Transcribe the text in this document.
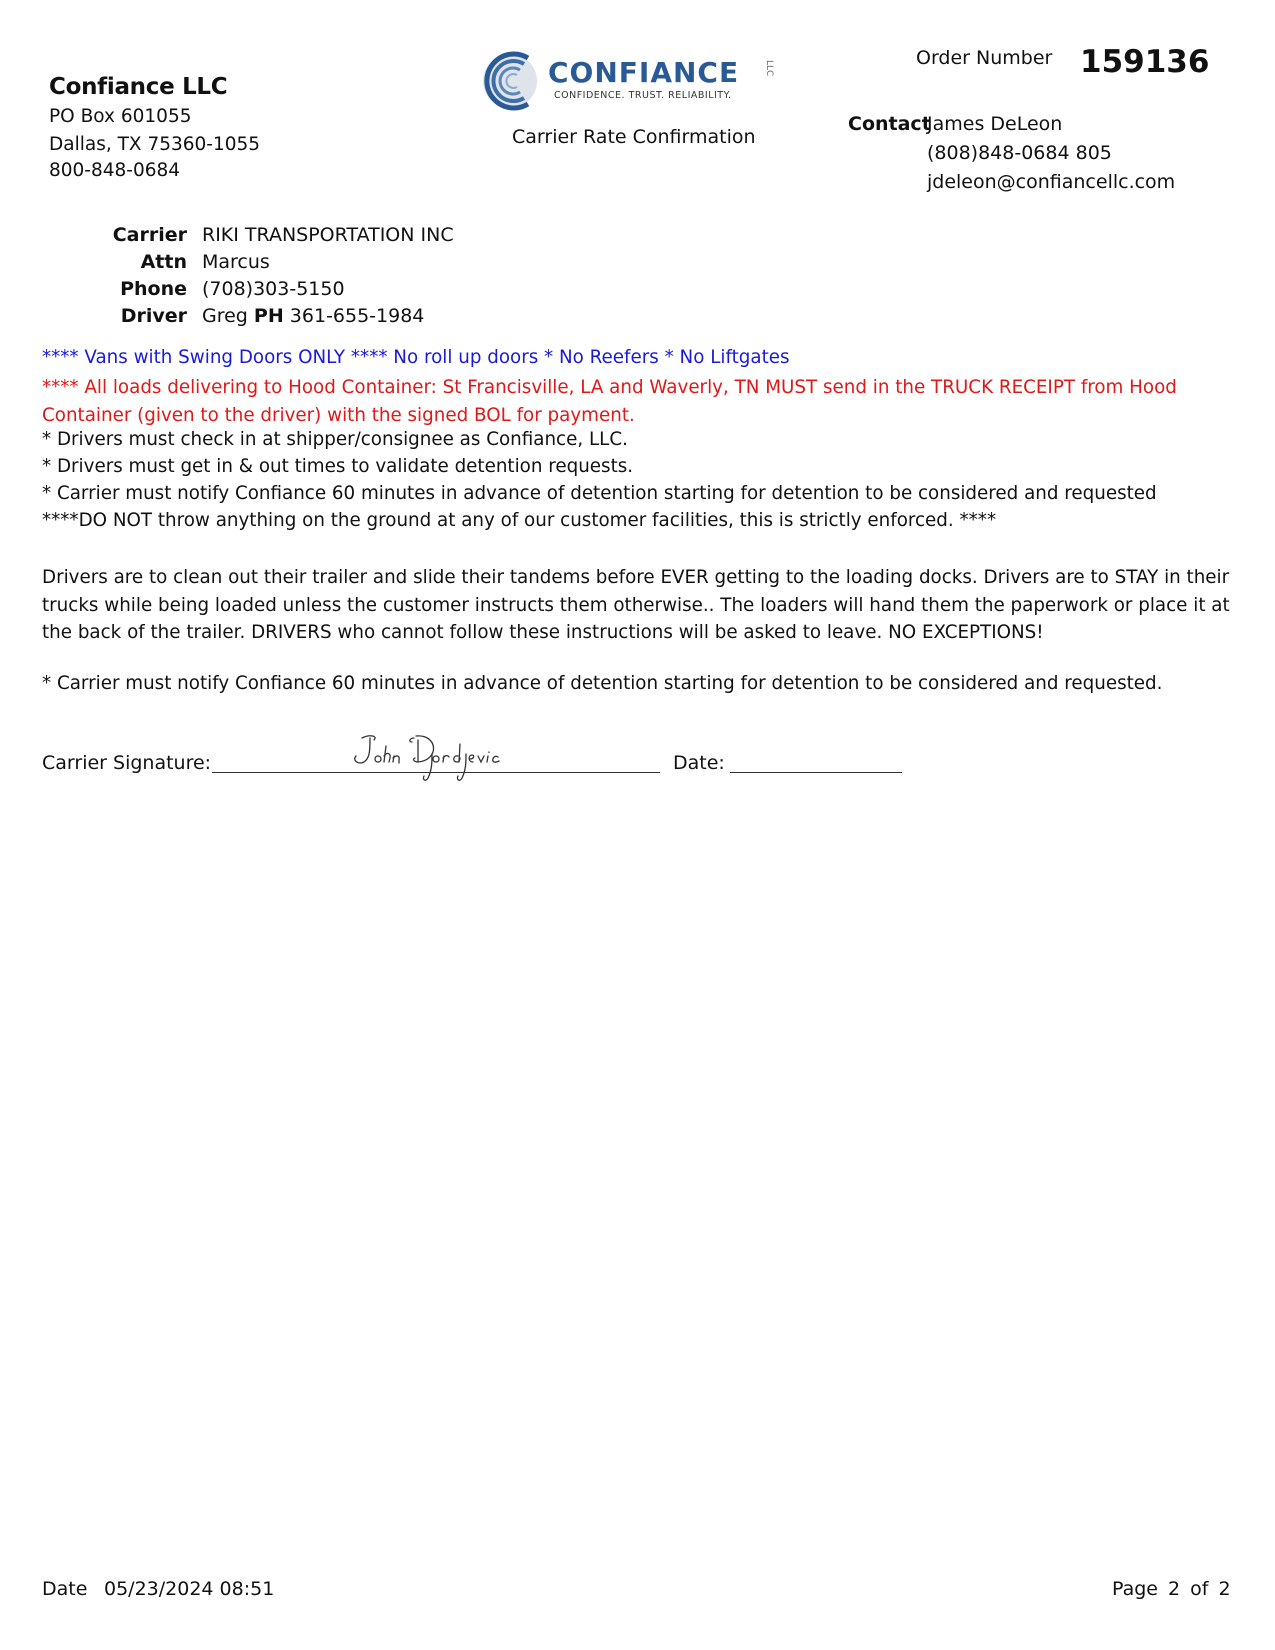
Confiance LLC
PO Box 601055
Dallas, TX 75360-1055
800-848-0684
CONFIANCE
CONFIDENCE. TRUST. RELIABILITY.
LLC
Carrier Rate Confirmation
Order Number 159136
Contact
James DeLeon
(808)848-0684 805
jdeleon@confiancellc.com
Carrier RIKI TRANSPORTATION INC
Attn Marcus
Phone (708)303-5150
Driver Greg PH 361-655-1984
**** Vans with Swing Doors ONLY **** No roll up doors * No Reefers * No Liftgates
**** All loads delivering to Hood Container: St Francisville, LA and Waverly, TN MUST send in the TRUCK RECEIPT from Hood Container (given to the driver) with the signed BOL for payment.
* Drivers must check in at shipper/consignee as Confiance, LLC.
* Drivers must get in & out times to validate detention requests.
* Carrier must notify Confiance 60 minutes in advance of detention starting for detention to be considered and requested
****DO NOT throw anything on the ground at any of our customer facilities, this is strictly enforced. ****
Drivers are to clean out their trailer and slide their tandems before EVER getting to the loading docks. Drivers are to STAY in their trucks while being loaded unless the customer instructs them otherwise.. The loaders will hand them the paperwork or place it at the back of the trailer. DRIVERS who cannot follow these instructions will be asked to leave. NO EXCEPTIONS!
* Carrier must notify Confiance 60 minutes in advance of detention starting for detention to be considered and requested.
Carrier Signature:	Date:
Date 05/23/2024 08:51	Page 2 of 2
